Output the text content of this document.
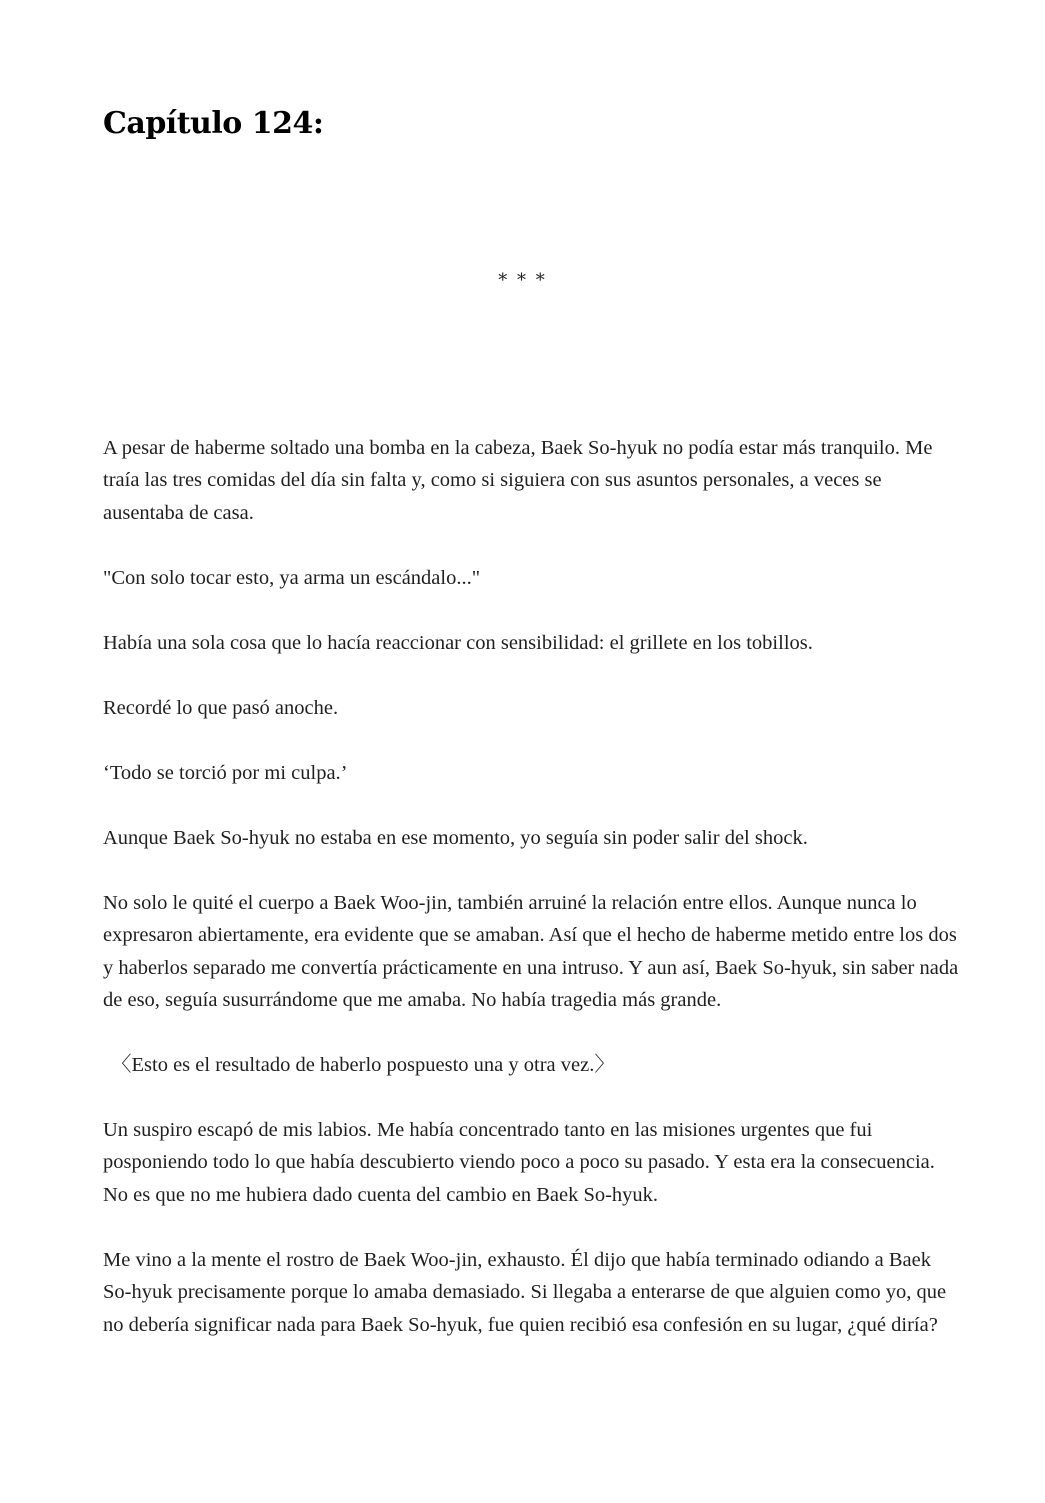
Capítulo 124:
* * *

A pesar de haberme soltado una bomba en la cabeza, Baek So-hyuk no podía estar más tranquilo. Me traía las tres comidas del día sin falta y, como si siguiera con sus asuntos personales, a veces se ausentaba de casa.

"Con solo tocar esto, ya arma un escándalo..."

Había una sola cosa que lo hacía reaccionar con sensibilidad: el grillete en los tobillos.

Recordé lo que pasó anoche.

‘Todo se torció por mi culpa.’

Aunque Baek So-hyuk no estaba en ese momento, yo seguía sin poder salir del shock.

No solo le quité el cuerpo a Baek Woo-jin, también arruiné la relación entre ellos. Aunque nunca lo expresaron abiertamente, era evidente que se amaban. Así que el hecho de haberme metido entre los dos y haberlos separado me convertía prácticamente en una intruso. Y aun así, Baek So-hyuk, sin saber nada de eso, seguía susurrándome que me amaba. No había tragedia más grande.

〈Esto es el resultado de haberlo pospuesto una y otra vez.〉

Un suspiro escapó de mis labios. Me había concentrado tanto en las misiones urgentes que fui posponiendo todo lo que había descubierto viendo poco a poco su pasado. Y esta era la consecuencia. No es que no me hubiera dado cuenta del cambio en Baek So-hyuk.

Me vino a la mente el rostro de Baek Woo-jin, exhausto. Él dijo que había terminado odiando a Baek So-hyuk precisamente porque lo amaba demasiado. Si llegaba a enterarse de que alguien como yo, que no debería significar nada para Baek So-hyuk, fue quien recibió esa confesión en su lugar, ¿qué diría?
